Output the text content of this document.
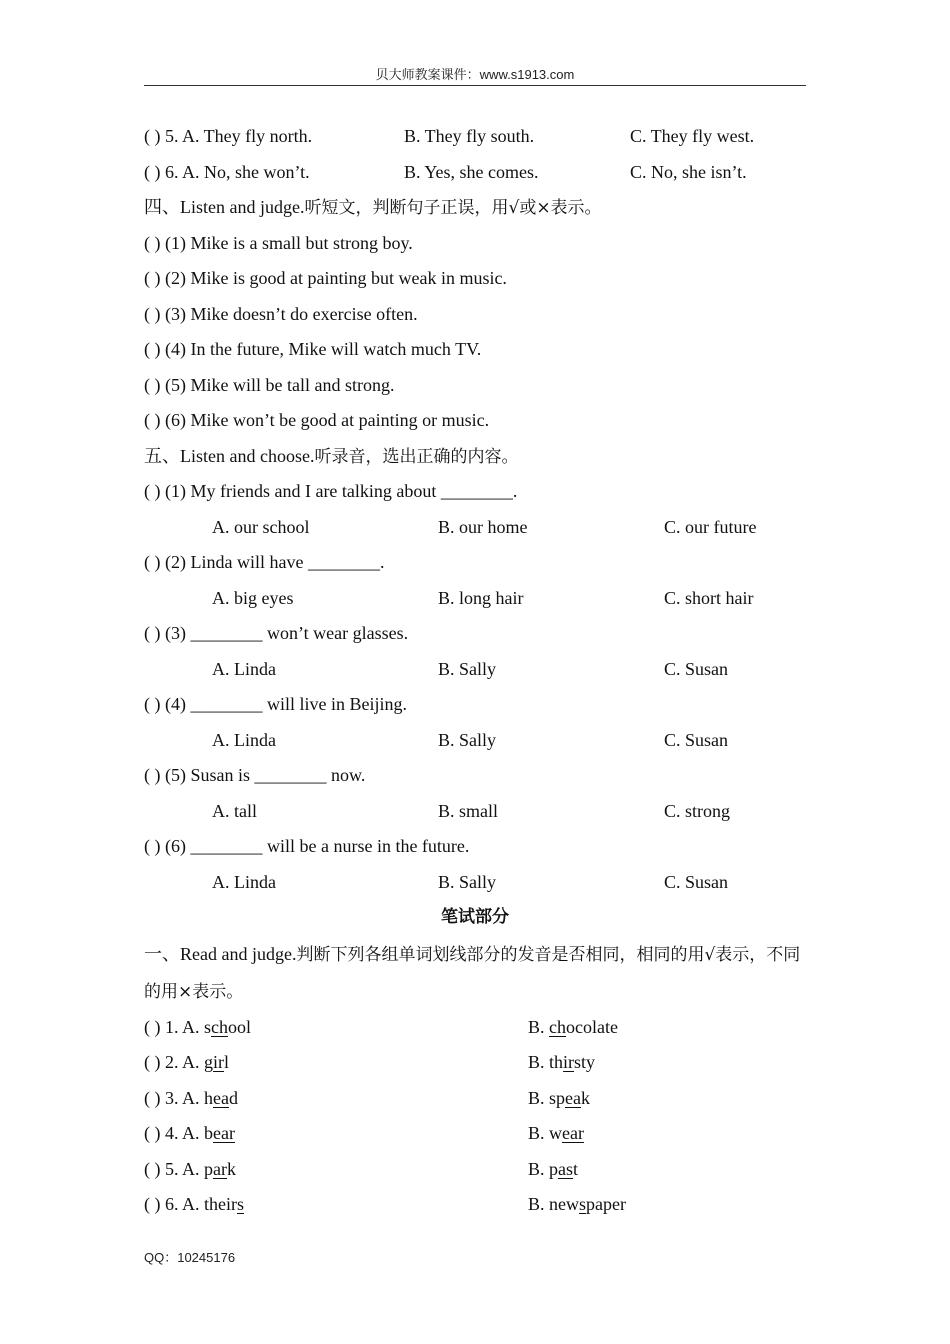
贝大师教案课件：www.s1913.com
( ) 5. A. They fly north.	B. They fly south.	C. They fly west.
( ) 6. A. No, she won’t.	B. Yes, she comes.	C. No, she isn’t.
四、Listen and judge.听短文，判断句子正误，用√或×表示。
( ) (1) Mike is a small but strong boy.
( ) (2) Mike is good at painting but weak in music.
( ) (3) Mike doesn’t do exercise often.
( ) (4) In the future, Mike will watch much TV.
( ) (5) Mike will be tall and strong.
( ) (6) Mike won’t be good at painting or music.
五、Listen and choose.听录音，选出正确的内容。
( ) (1) My friends and I are talking about ________.
A. our school	B. our home	C. our future
( ) (2) Linda will have ________.
A. big eyes	B. long hair	C. short hair
( ) (3) ________ won’t wear glasses.
A. Linda	B. Sally	C. Susan
( ) (4) ________ will live in Beijing.
A. Linda	B. Sally	C. Susan
( ) (5) Susan is ________ now.
A. tall	B. small	C. strong
( ) (6) ________ will be a nurse in the future.
A. Linda	B. Sally	C. Susan
笔试部分
一、Read and judge.判断下列各组单词划线部分的发音是否相同，相同的用√表示，不同的用×表示。
( ) 1. A. school	B. chocolate
( ) 2. A. girl	B. thirsty
( ) 3. A. head	B. speak
( ) 4. A. bear	B. wear
( ) 5. A. park	B. past
( ) 6. A. theirs	B. newspaper
QQ：10245176
